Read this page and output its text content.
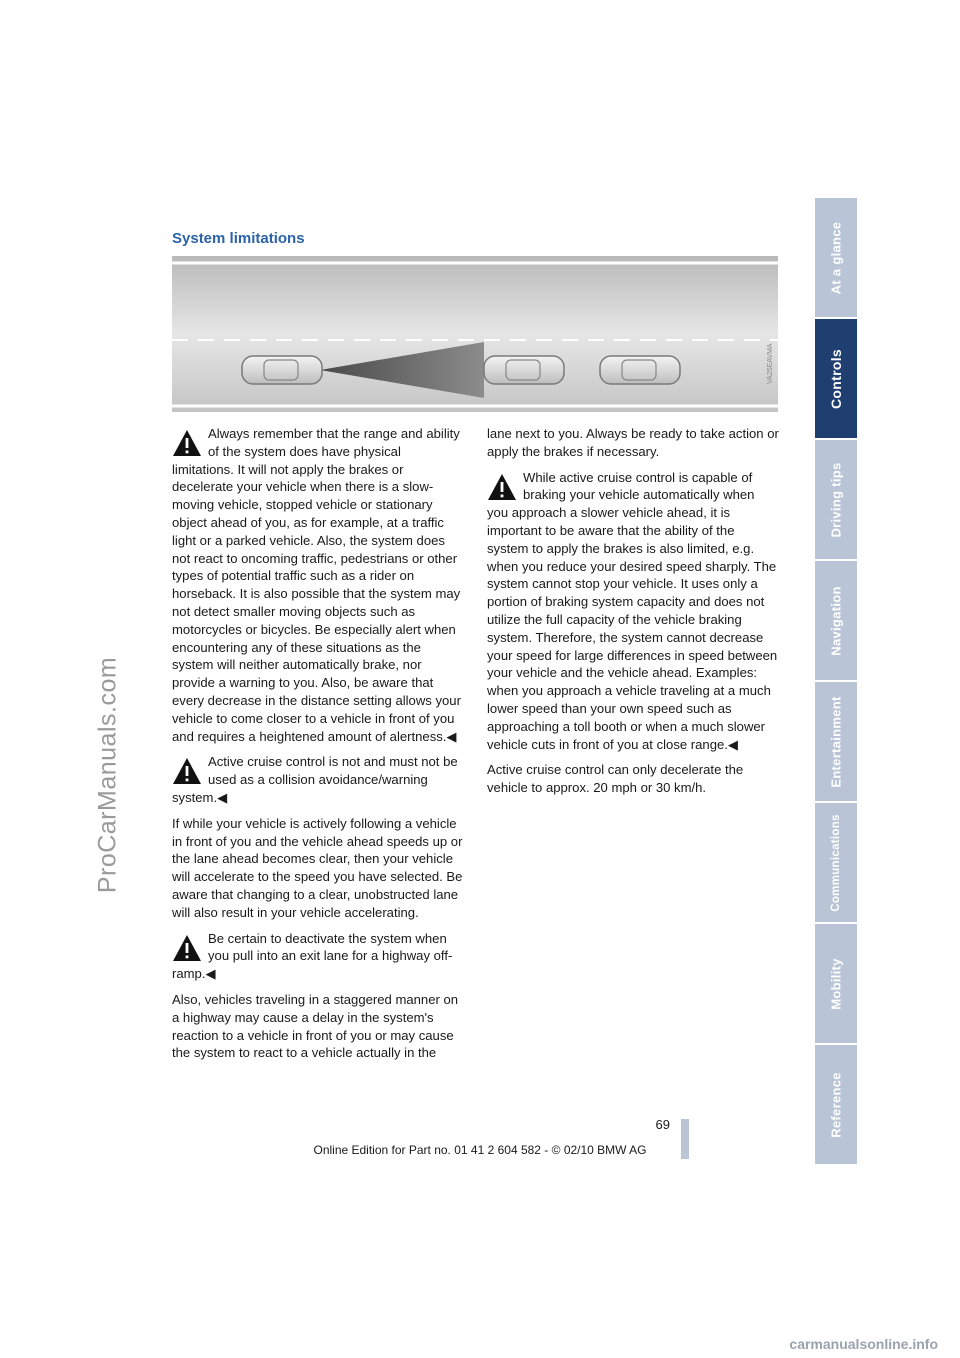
ProCarManuals.com
At a glance
Controls
Driving tips
Navigation
Entertainment
Communications
Mobility
Reference
System limitations
VA25EAVMA

Always remember that the range and ability of the system does have physical limitations. It will not apply the brakes or decelerate your vehicle when there is a slow-moving vehicle, stopped vehicle or stationary object ahead of you, as for example, at a traffic light or a parked vehicle. Also, the system does not react to oncoming traffic, pedestrians or other types of potential traffic such as a rider on horseback. It is also possible that the system may not detect smaller moving objects such as motorcycles or bicycles. Be especially alert when encountering any of these situations as the system will neither automatically brake, nor provide a warning to you. Also, be aware that every decrease in the distance setting allows your vehicle to come closer to a vehicle in front of you and requires a heightened amount of alertness.◀

Active cruise control is not and must not be used as a collision avoidance/warning system.◀

If while your vehicle is actively following a vehicle in front of you and the vehicle ahead speeds up or the lane ahead becomes clear, then your vehicle will accelerate to the speed you have selected. Be aware that changing to a clear, unobstructed lane will also result in your vehicle accelerating.

Be certain to deactivate the system when you pull into an exit lane for a highway off-ramp.◀

Also, vehicles traveling in a staggered manner on a highway may cause a delay in the system's reaction to a vehicle in front of you or may cause the system to react to a vehicle actually in the

lane next to you. Always be ready to take action or apply the brakes if necessary.

While active cruise control is capable of braking your vehicle automatically when you approach a slower vehicle ahead, it is important to be aware that the ability of the system to apply the brakes is also limited, e.g. when you reduce your desired speed sharply. The system cannot stop your vehicle. It uses only a portion of braking system capacity and does not utilize the full capacity of the vehicle braking system. Therefore, the system cannot decrease your speed for large differences in speed between your vehicle and the vehicle ahead. Examples: when you approach a vehicle traveling at a much lower speed than your own speed such as approaching a toll booth or when a much slower vehicle cuts in front of you at close range.◀

Active cruise control can only decelerate the vehicle to approx. 20 mph or 30 km/h.

69
Online Edition for Part no. 01 41 2 604 582 - © 02/10 BMW AG
carmanualsonline.info
